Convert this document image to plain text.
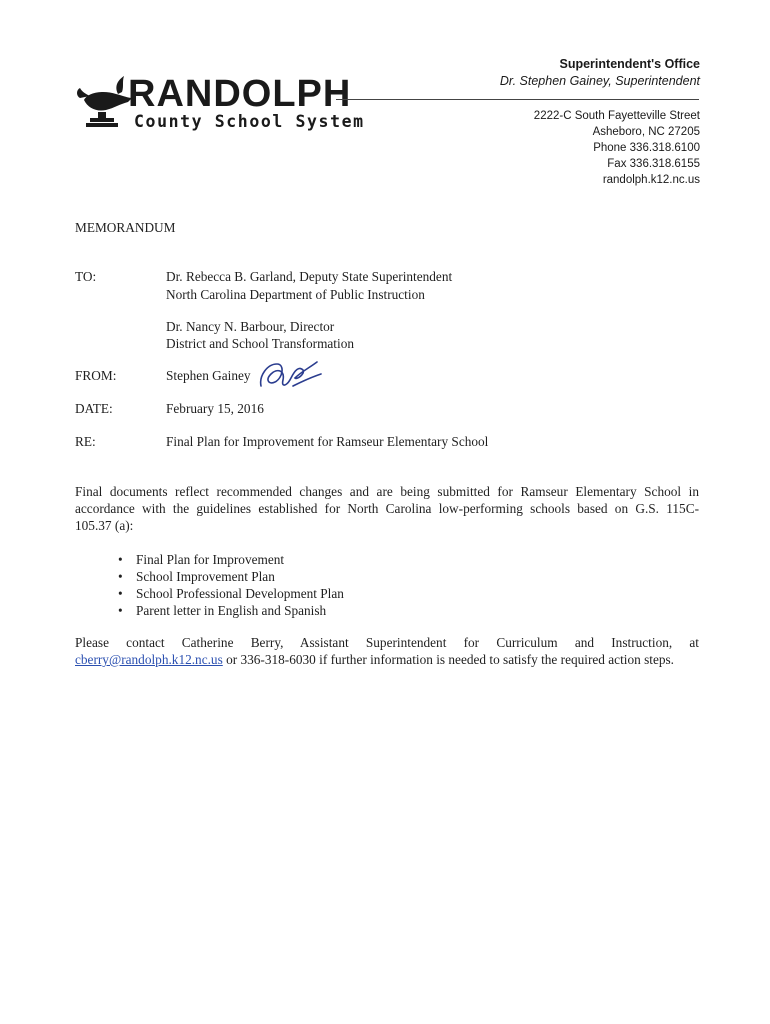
RANDOLPH
County School System
Superintendent's Office
Dr. Stephen Gainey, Superintendent
2222-C South Fayetteville Street
Asheboro, NC 27205
Phone 336.318.6100
Fax 336.318.6155
randolph.k12.nc.us
MEMORANDUM
TO:	Dr. Rebecca B. Garland, Deputy State Superintendent
North Carolina Department of Public Instruction
Dr. Nancy N. Barbour, Director
District and School Transformation
FROM:	Stephen Gainey
DATE:	February 15, 2016
RE:	Final Plan for Improvement for Ramseur Elementary School
Final documents reflect recommended changes and are being submitted for Ramseur Elementary School in
accordance with the guidelines established for North Carolina low-performing schools based on G.S. 115C-
105.37 (a):
• Final Plan for Improvement
• School Improvement Plan
• School Professional Development Plan
• Parent letter in English and Spanish
Please contact Catherine Berry, Assistant Superintendent for Curriculum and Instruction, at
cberry@randolph.k12.nc.us or 336-318-6030 if further information is needed to satisfy the required action steps.
